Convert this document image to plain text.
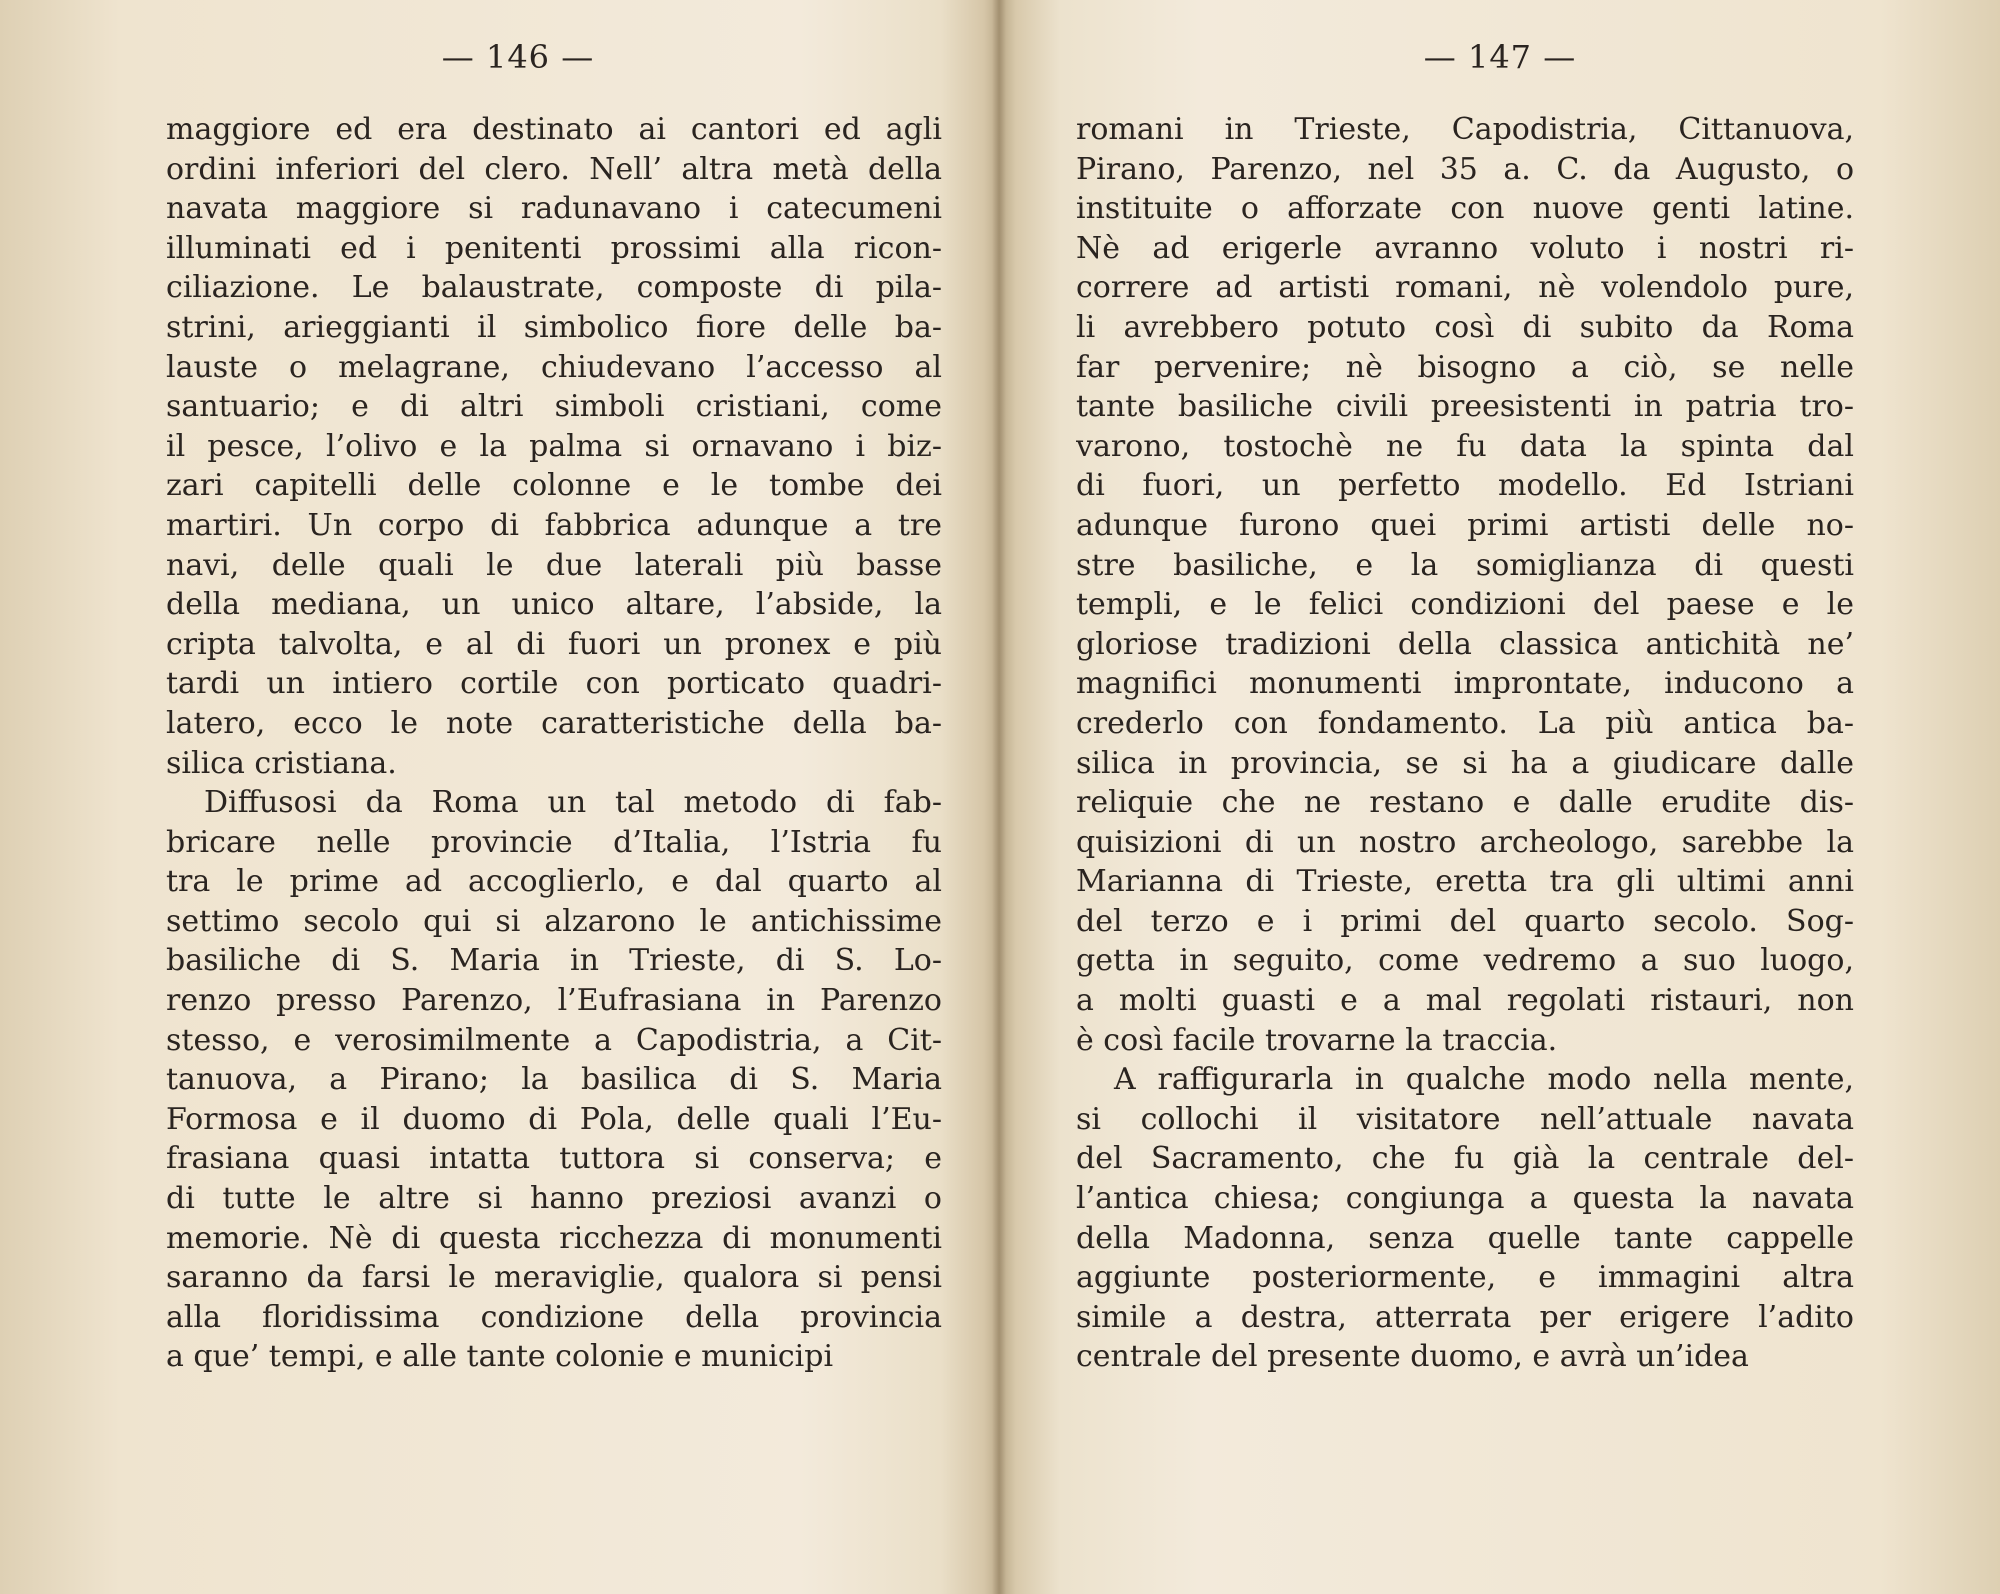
— 146 —
maggiore ed era destinato ai cantori ed agli
ordini inferiori del clero. Nell’ altra metà della
navata maggiore si radunavano i catecumeni
illuminati ed i penitenti prossimi alla ricon-
ciliazione. Le balaustrate, composte di pila-
strini, arieggianti il simbolico fiore delle ba-
lauste o melagrane, chiudevano l’accesso al
santuario; e di altri simboli cristiani, come
il pesce, l’olivo e la palma si ornavano i biz-
zari capitelli delle colonne e le tombe dei
martiri. Un corpo di fabbrica adunque a tre
navi, delle quali le due laterali più basse
della mediana, un unico altare, l’abside, la
cripta talvolta, e al di fuori un pronex e più
tardi un intiero cortile con porticato quadri-
latero, ecco le note caratteristiche della ba-
silica cristiana.
Diffusosi da Roma un tal metodo di fab-
bricare nelle provincie d’Italia, l’Istria fu
tra le prime ad accoglierlo, e dal quarto al
settimo secolo qui si alzarono le antichissime
basiliche di S. Maria in Trieste, di S. Lo-
renzo presso Parenzo, l’Eufrasiana in Parenzo
stesso, e verosimilmente a Capodistria, a Cit-
tanuova, a Pirano; la basilica di S. Maria
Formosa e il duomo di Pola, delle quali l’Eu-
frasiana quasi intatta tuttora si conserva; e
di tutte le altre si hanno preziosi avanzi o
memorie. Nè di questa ricchezza di monumenti
saranno da farsi le meraviglie, qualora si pensi
alla floridissima condizione della provincia
a que’ tempi, e alle tante colonie e municipi
— 147 —
romani in Trieste, Capodistria, Cittanuova,
Pirano, Parenzo, nel 35 a. C. da Augusto, o
instituite o afforzate con nuove genti latine.
Nè ad erigerle avranno voluto i nostri ri-
correre ad artisti romani, nè volendolo pure,
li avrebbero potuto così di subito da Roma
far pervenire; nè bisogno a ciò, se nelle
tante basiliche civili preesistenti in patria tro-
varono, tostochè ne fu data la spinta dal
di fuori, un perfetto modello. Ed Istriani
adunque furono quei primi artisti delle no-
stre basiliche, e la somiglianza di questi
templi, e le felici condizioni del paese e le
gloriose tradizioni della classica antichità ne’
magnifici monumenti improntate, inducono a
crederlo con fondamento. La più antica ba-
silica in provincia, se si ha a giudicare dalle
reliquie che ne restano e dalle erudite dis-
quisizioni di un nostro archeologo, sarebbe la
Marianna di Trieste, eretta tra gli ultimi anni
del terzo e i primi del quarto secolo. Sog-
getta in seguito, come vedremo a suo luogo,
a molti guasti e a mal regolati ristauri, non
è così facile trovarne la traccia.
A raffigurarla in qualche modo nella mente,
si collochi il visitatore nell’attuale navata
del Sacramento, che fu già la centrale del-
l’antica chiesa; congiunga a questa la navata
della Madonna, senza quelle tante cappelle
aggiunte posteriormente, e immagini altra
simile a destra, atterrata per erigere l’adito
centrale del presente duomo, e avrà un’idea
